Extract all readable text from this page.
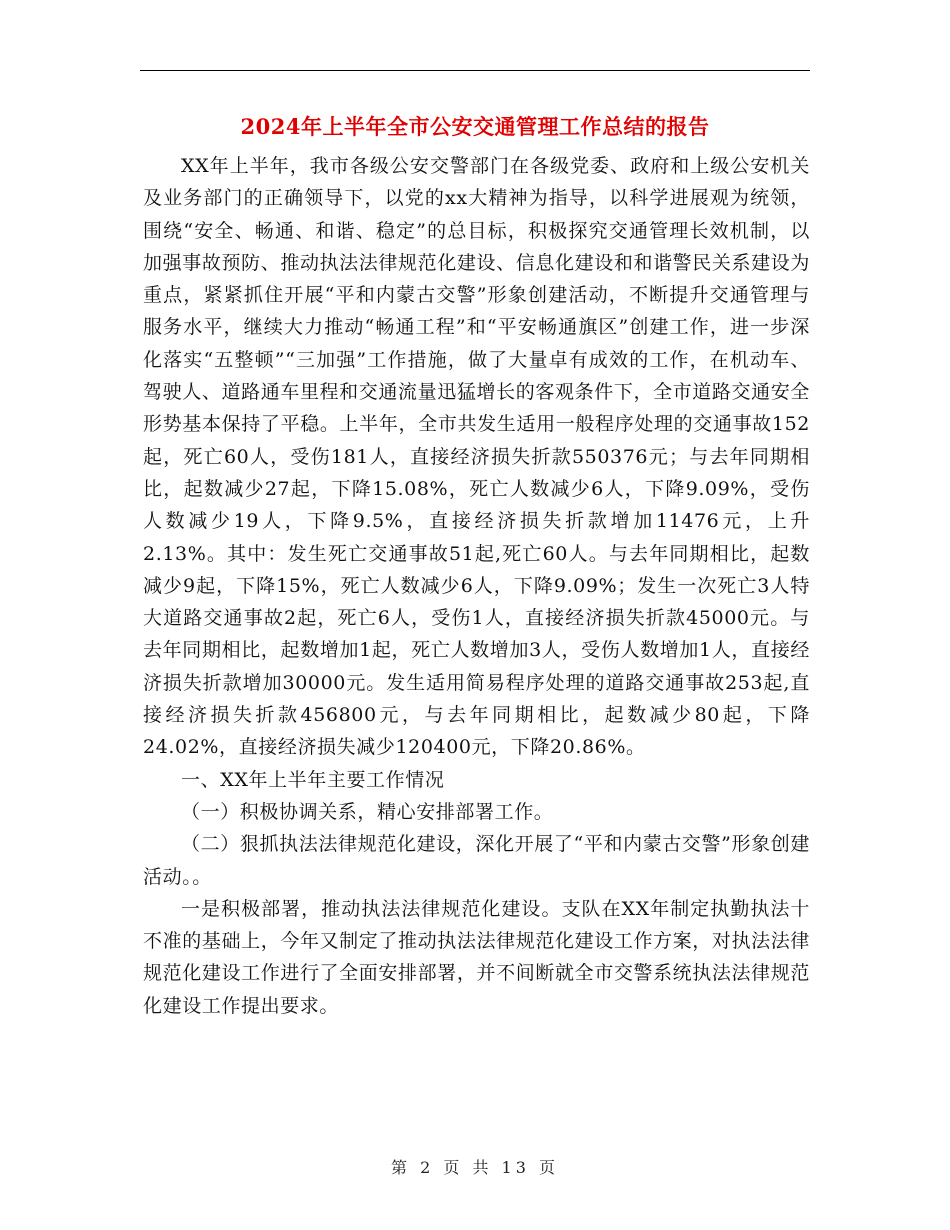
2024年上半年全市公安交通管理工作总结的报告

XX年上半年，我市各级公安交警部门在各级党委、政府和上级公安机关及业务部门的正确领导下，以党的xx大精神为指导，以科学进展观为统领，围绕“安全、畅通、和谐、稳定”的总目标，积极探究交通管理长效机制，以加强事故预防、推动执法法律规范化建设、信息化建设和和谐警民关系建设为重点，紧紧抓住开展“平和内蒙古交警”形象创建活动，不断提升交通管理与服务水平，继续大力推动“畅通工程”和“平安畅通旗区”创建工作，进一步深化落实“五整顿”“三加强”工作措施，做了大量卓有成效的工作，在机动车、驾驶人、道路通车里程和交通流量迅猛增长的客观条件下，全市道路交通安全形势基本保持了平稳。上半年，全市共发生适用一般程序处理的交通事故152起，死亡60人，受伤181人，直接经济损失折款550376元；与去年同期相比，起数减少27起，下降15.08%，死亡人数减少6人，下降9.09%，受伤人数减少19人，下降9.5%，直接经济损失折款增加11476元，上升2.13%。其中：发生死亡交通事故51起,死亡60人。与去年同期相比，起数减少9起，下降15%，死亡人数减少6人，下降9.09%；发生一次死亡3人特大道路交通事故2起，死亡6人，受伤1人，直接经济损失折款45000元。与去年同期相比，起数增加1起，死亡人数增加3人，受伤人数增加1人，直接经济损失折款增加30000元。发生适用简易程序处理的道路交通事故253起,直接经济损失折款456800元，与去年同期相比，起数减少80起，下降24.02%，直接经济损失减少120400元，下降20.86%。

一、XX年上半年主要工作情况

（一）积极协调关系，精心安排部署工作。

（二）狠抓执法法律规范化建设，深化开展了“平和内蒙古交警”形象创建活动。。

一是积极部署，推动执法法律规范化建设。支队在XX年制定执勤执法十不准的基础上，今年又制定了推动执法法律规范化建设工作方案，对执法法律规范化建设工作进行了全面安排部署，并不间断就全市交警系统执法法律规范化建设工作提出要求。

第 2 页 共 13 页
